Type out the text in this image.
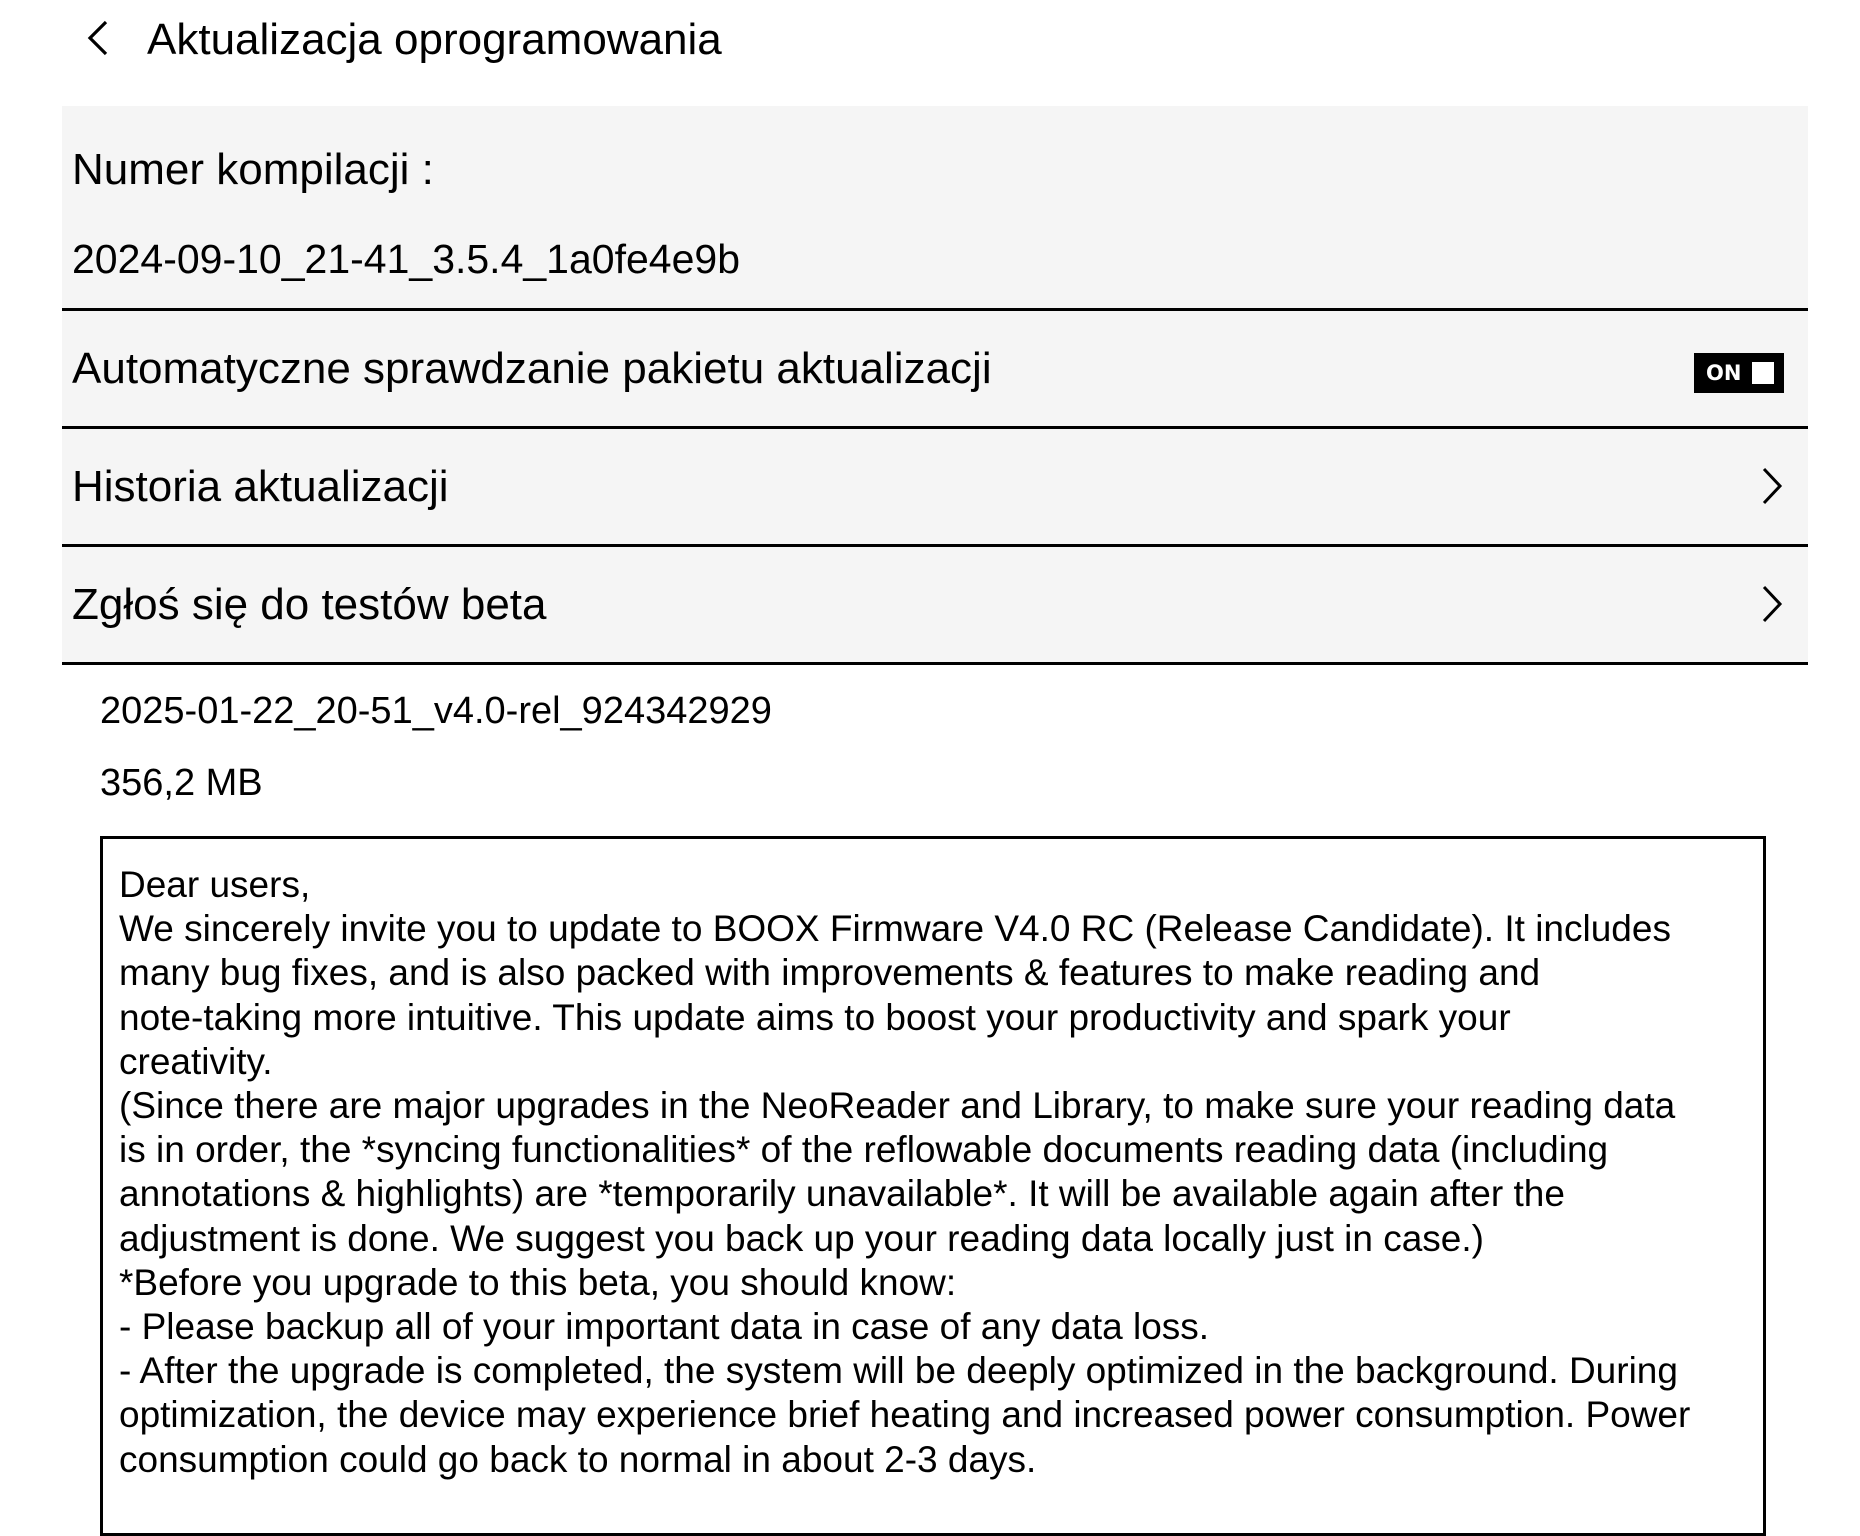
Aktualizacja oprogramowania
Numer kompilacji :
2024-09-10_21-41_3.5.4_1a0fe4e9b
Automatyczne sprawdzanie pakietu aktualizacji	ON
Historia aktualizacji
Zgłoś się do testów beta
2025-01-22_20-51_v4.0-rel_924342929
356,2 MB
Dear users,
We sincerely invite you to update to BOOX Firmware V4.0 RC (Release Candidate). It includes
many bug fixes, and is also packed with improvements & features to make reading and
note-taking more intuitive. This update aims to boost your productivity and spark your
creativity.
(Since there are major upgrades in the NeoReader and Library, to make sure your reading data
is in order, the *syncing functionalities* of the reflowable documents reading data (including
annotations & highlights) are *temporarily unavailable*. It will be available again after the
adjustment is done. We suggest you back up your reading data locally just in case.)
*Before you upgrade to this beta, you should know:
- Please backup all of your important data in case of any data loss.
- After the upgrade is completed, the system will be deeply optimized in the background. During
optimization, the device may experience brief heating and increased power consumption. Power
consumption could go back to normal in about 2-3 days.
